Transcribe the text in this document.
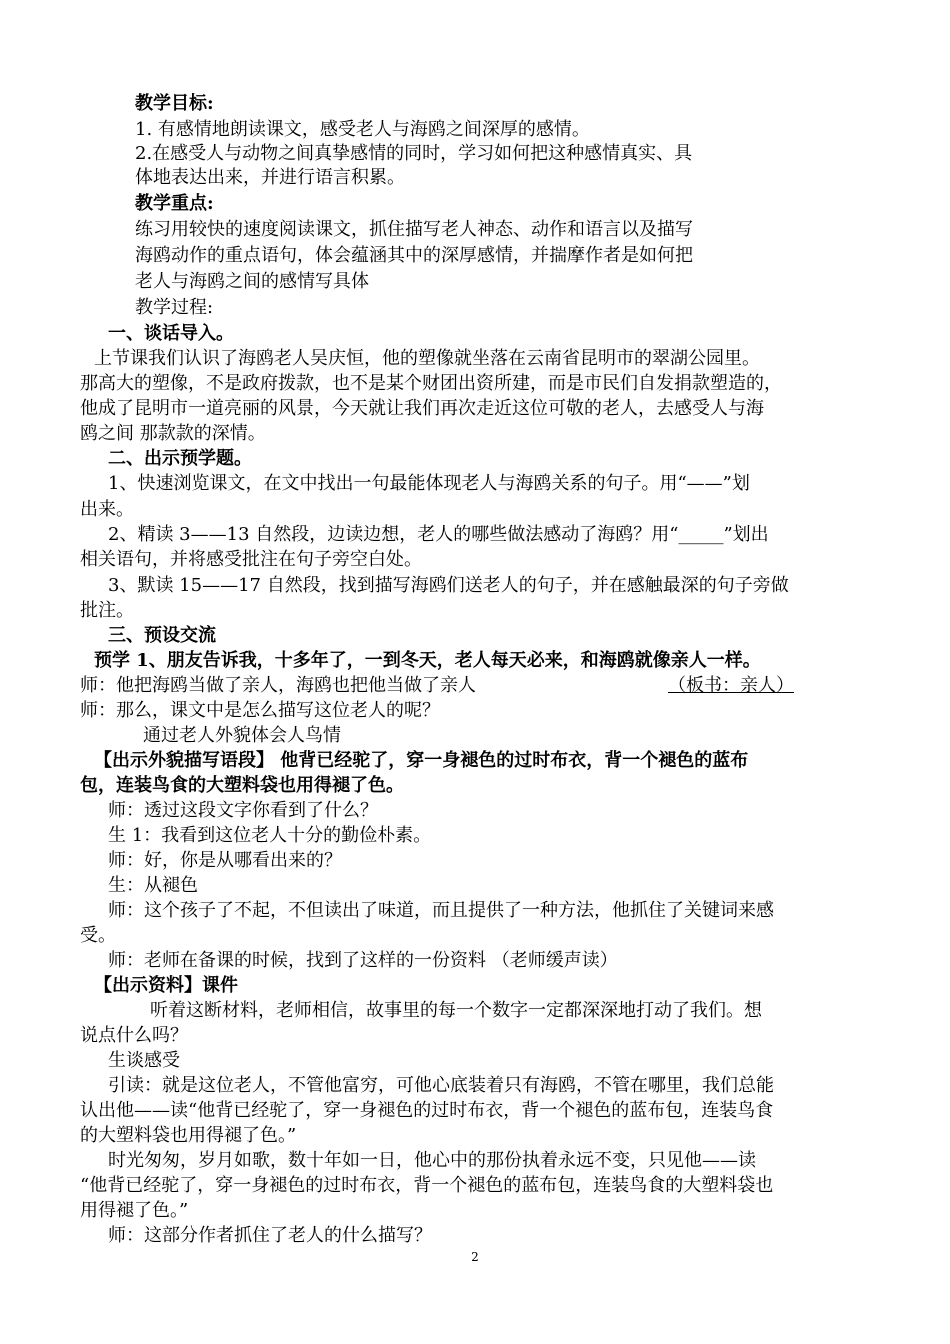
教学目标:
1. 有感情地朗读课文，感受老人与海鸥之间深厚的感情。
2.在感受人与动物之间真挚感情的同时，学习如何把这种感情真实、具
体地表达出来，并进行语言积累。
教学重点:
练习用较快的速度阅读课文，抓住描写老人神态、动作和语言以及描写
海鸥动作的重点语句，体会蕴涵其中的深厚感情，并揣摩作者是如何把
老人与海鸥之间的感情写具体
教学过程:
一、谈话导入。
上节课我们认识了海鸥老人吴庆恒，他的塑像就坐落在云南省昆明市的翠湖公园里。
那高大的塑像，不是政府拨款，也不是某个财团出资所建，而是市民们自发捐款塑造的，
他成了昆明市一道亮丽的风景，今天就让我们再次走近这位可敬的老人，去感受人与海
鸥之间 那款款的深情。
二、出示预学题。
1、快速浏览课文，在文中找出一句最能体现老人与海鸥关系的句子。用“——”划
出来。
2、精读 3——13 自然段，边读边想，老人的哪些做法感动了海鸥？用“_____”划出
相关语句，并将感受批注在句子旁空白处。
3、默读 15——17 自然段，找到描写海鸥们送老人的句子，并在感触最深的句子旁做
批注。
三、预设交流
预学 1、朋友告诉我，十多年了，一到冬天，老人每天必来，和海鸥就像亲人一样。
师：他把海鸥当做了亲人，海鸥也把他当做了亲人	（板书：亲人）
师：那么，课文中是怎么描写这位老人的呢？
通过老人外貌体会人鸟情
【出示外貌描写语段】 他背已经驼了，穿一身褪色的过时布衣，背一个褪色的蓝布
包，连装鸟食的大塑料袋也用得褪了色。
师：透过这段文字你看到了什么？
生 1：我看到这位老人十分的勤俭朴素。
师：好，你是从哪看出来的？
生：从褪色
师：这个孩子了不起，不但读出了味道，而且提供了一种方法，他抓住了关键词来感
受。
师：老师在备课的时候，找到了这样的一份资料 （老师缓声读）
【出示资料】课件
听着这断材料，老师相信，故事里的每一个数字一定都深深地打动了我们。想
说点什么吗？
生谈感受
引读：就是这位老人，不管他富穷，可他心底装着只有海鸥，不管在哪里，我们总能
认出他——读“他背已经驼了，穿一身褪色的过时布衣，背一个褪色的蓝布包，连装鸟食
的大塑料袋也用得褪了色。”
时光匆匆，岁月如歌，数十年如一日，他心中的那份执着永远不变，只见他——读
“他背已经驼了，穿一身褪色的过时布衣，背一个褪色的蓝布包，连装鸟食的大塑料袋也
用得褪了色。”
师：这部分作者抓住了老人的什么描写？
2
